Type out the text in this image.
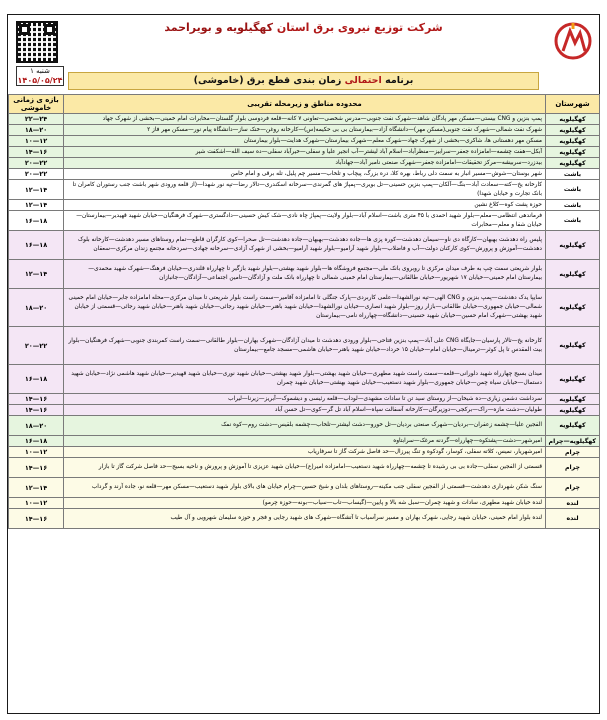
شرکت توزیع نیروی برق استان کهگیلویه و بویراحمد
شنبه ۱
۱۴۰۵/۰۵/۲۴	برنامه احتمالی زمان بندی قطع برق (خاموشی)
شهرستان	محدوده مناطق و زیرمحله تقریبی	بازه ی زمانی خاموشی
کهگیلویه	پمپ بنزین و CNG بیستی—مسکن مهر پادگان شاهد—شهرک نفت جنوبی—مدرس شخصی—تعاونی ۷ کانه—قلعه فردوسی بلوار گلستان—مخابرات امام خمینی—بخشی از شهرک جهاد	۲۲—۲۴
کهگیلویه	شهرک نفت شمالی—شهرک نفت جنوبی(مسکن مهر)—دانشگاه آزاد—بیمارستان بی بی حکیمه(س)—کارخانه روغن—خنک ساز—دانشگاه پیام نور—مسکن مهر فاز ۲	۱۸—۲۰
کهگیلویه	مسکن مهر دهستانی ها، شاکری—بخشی از شهرک جهاد—شهرک معلم—شهرک بیمارستان—شهرک هدایت—بلوار بیمارستان	۱۰—۱۲
کهگیلویه	آبکل—هفت چشمه—امامزاده جعفر—سرابیز—منظرآباد—اسلام آباد لیشتر—آب انجیر علیا و سفلی—خیرآباد سفلی—ده سیف الله—اشکفت شیر	۱۴—۱۶
کهگیلویه	بیدزرد—سربیشه—مرکز تحقیقات—امامزاده جعفر—شهرک صنعتی نامبر آباد—جهادآباد	۲۰—۲۲
باشت	شهر بوستان—شوش—مسیر انبار به سمت دلی رباط، بهره کلا، دره بزرگ، پیچاب و تلخاب—مسیر چم پلیل، تله برقی و امام خامن	۲۰—۲۲
باشت	کارخانه یخ—کته—سعادت آباد—بنگ—آلکان—پمپ بنزین حسینی—تل بویری—پمپاژ های گمرندی—سرخانه اسکندری—تالار رضا—تپه نور شهدا—(از قلعه ورودی شهر باشت جنب رستوران کامران تا بانک تجارت و خیابان شهدا)	۱۲—۱۴
باشت	حوزه پشت کوه—کلاغ نشین	۱۲—۱۴
باشت	فرماندهی انتظامی—معلم—بلوار شهید احمدی با ۴۵ متری باشت—اسلام آباد—بلوار ولایت—پمپاژ چاه نادی—شک کیش حسینی—دادگستری—شهرک فرهنگیان—خیابان شهید قهیدیر—بیمارستان—خیابان شفا و معلم—مخابرات	۱۶—۱۸
کهگیلویه	پلیس راه دهدشت بهبهان—کارگاه دی ناو—سیمان دهدشت—کوره پزی ها—جاده دهدشت—بهبهان—جاده دهدشت—تل صحرا—کوی کارگران قاطع—تمام روستاهای مسیر دهدشت—کارخانه بلوک دهدشت—آموزش و پرورش—کوی کارکنان دولت—آب و فاضلاب—بلوار شهید آرامیو—بلوار شهید آرامیو—بخشی از شهرک آزادی—سرخانه جهادی—سردخانه مجتمع زندان مرکزی—سعقان	۱۶—۱۸
کهگیلویه	بلوار شریعتی سمت چپ به طرف میدان مرکزی تا روبروی بانک ملی—مجتمع فروشگاه ها—بلوار شهید بهشتی—بلوار شهید بازگیر تا چهارراه قلندری—خیابان فرهنگ—شهرک شهید محمدی—بیمارستان امام خمینی—خیابان ۱۷ شهریور—خیابان طالقانی—بیمارستان امام خمینی شمالی تا چهارراه بانک ملت و آزادگان—تامین اجتماعی—آزادگان—جانبازان	۱۲—۱۴
کهگیلویه	سایپا یدک دهدشت—پمپ بنزین و CNG الهی—تپه نورالشهدا—علمی کاربردی—پارک جنگلی تا امامزاده آقامیر—سمت راست بلوار شریعتی تا میدان مرکزی—محله امامزاده جابر—خیابان امام خمینی شمالی—خیابان جمهوری—خیابان طالقانی—بازار روز—بلوار شهید انصاری—خیابان نورالشهدا—خیابان شهید باهنر—خیابان شهید رجائی—خیابان شهید باهنر—خیابان شهید رجائی—قسمتی از خیابان شهید بهشتی—شهرک امام حسین—خیابان شهید حسینی—دانشگاه—چهارراه نامی—بیمارستان	۱۸—۲۰
کهگیلویه	کارخانه یخ—تالار پارسیان—جایگاه CNG علی آباد—پمپ بنزین فتاحی—بلوار ورودی دهدشت تا میدان آزادگان—شهرک بهاران—بلوار طالقانی—سمت راست کمربندی جنوبی—شهرک فرهنگیان—بلوار بیت المقدس تا پل کوثر—ترمینال—خیابان امام—خیابان ۱۵ خرداد—خیابان شهید باهنر—خیابان هاشمی—مسجد جامع—بیمارستان	۲۰—۲۲
کهگیلویه	میدان بسیج چهارراه شهید دلورانی—قلعه—سمت راست شهید مطهری—خیابان شهید بهشتی—بلوار شهید بهشتی—خیابان شهید نوری—خیابان شهید قهیدیر—خیابان شهید هاشمی نژاد—خیابان شهید دستمال—خیابان سیاه چمن—خیابان جمهوری—بلوار شهید دستغیب—خیابان شهید بهشتی—خیابان شهید چمران	۱۶—۱۸
کهگیلویه	سرداشت دشمن زیاری—ده شیخان—از روستای سید تن تا سادات مشهدی—لوداب—قلعه رئیسی و دیشموک—آبریز—زیرنا—لیراب	۱۴—۱۶
کهگیلویه	طولیان—دشت مازه—راک—برکجی—دوزیرگان—کارخانه آسفالت سپاه—اسلام آباد تل گر—کوی—تل حسن آباد	۱۴—۱۶
کهگیلویه	الفجین علیا—چشمه زعفران—بردیان—شهرک صنعتی بردیان—تل خورو—دشت لیشتر—تلخاب—چشمه بلقیس—دشت روم—کوه نمک	۱۸—۲۰
کهگیلویه—چرام	امیرشهر—دشت—پشتکوه—چهارراه—گردنه مرغک—سرابتاوه	۱۶—۱۸
چرام	امیرشهریار، نمیس، کلاته سفلی، کوسار، گودکوه و تنگ پیرزال—حد فاصل شرکت گاز تا سرفاریاب	۱۰—۱۲
چرام	قسمتی از الفجین سفلی—جاده بی بی رشیده تا چشمه—چهارراه شهید دستغیب—امامزاده امیر(ع)—خیابان شهید عزیزی تا آموزش و پرورش و ناحیه بسیج—حد فاصل شرکت گاز تا بازار	۱۴—۱۶
چرام	سنگ شکن شهرداری دهدشت—قسمتی از الفجین سفلی جنب مکینه—روستاهای بلدان و شیخ حسین—چرام خیابان های بالای بلوار شهید دستغیب—مسکن مهر—قلعه نو، جاده آرند و گرداب	۱۲—۱۴
لنده	لنده خیابان شهید مطهری، سادات و شهید چمران—سبل شه بالا و پایین—(گیساب—تاب—سیاب—بونه—حوزه چرمو)	۱۰—۱۲
لنده	لنده بلوار امام خمینی، خیابان شهید رجایی، شهرک بهاران و مسیر سرآسیاب تا آتشگاه—شهرک های شهید رجایی و فجر و حوزه سلیمان شهرویی و آل طیب	۱۴—۱۶
